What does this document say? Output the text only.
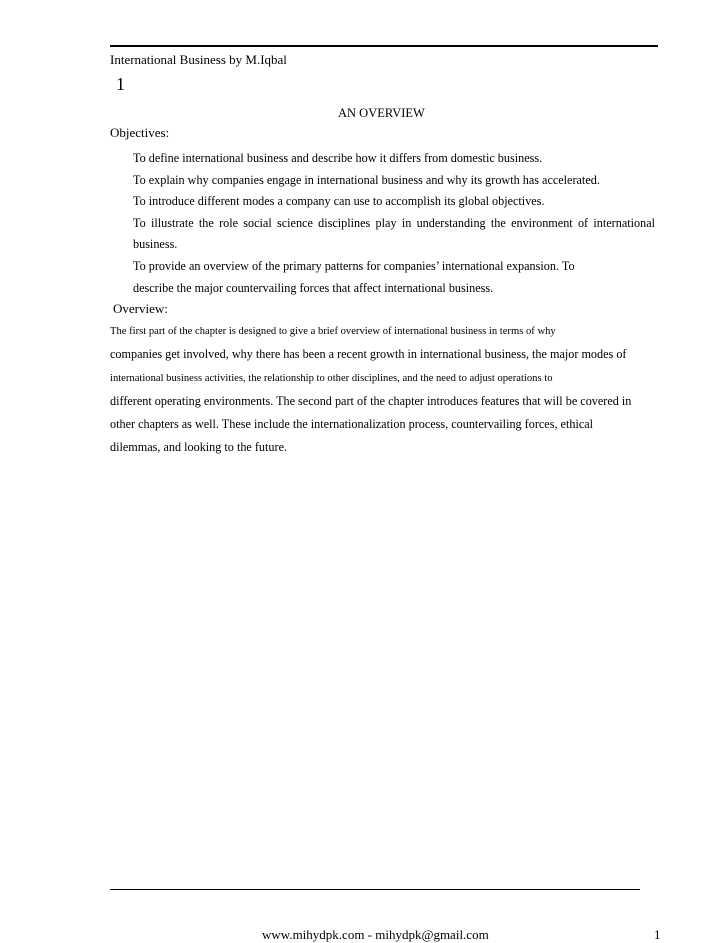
International Business by M.Iqbal
1
AN OVERVIEW
Objectives:

To define international business and describe how it differs from domestic business.

To explain why companies engage in international business and why its growth has accelerated.

To introduce different modes a company can use to accomplish its global objectives.

To illustrate the role social science disciplines play in understanding the environment of international

business.

To provide an overview of the primary patterns for companies’ international expansion. To

describe the major countervailing forces that affect international business.

Overview:
The first part of the chapter is designed to give a brief overview of international business in terms of why
companies get involved, why there has been a recent growth in international business, the major modes of
international business activities, the relationship to other disciplines, and the need to adjust operations to
different operating environments. The second part of the chapter introduces features that will be covered in
other chapters as well. These include the internationalization process, countervailing forces, ethical
dilemmas, and looking to the future.
www.mihydpk.com - mihydpk@gmail.com	1
